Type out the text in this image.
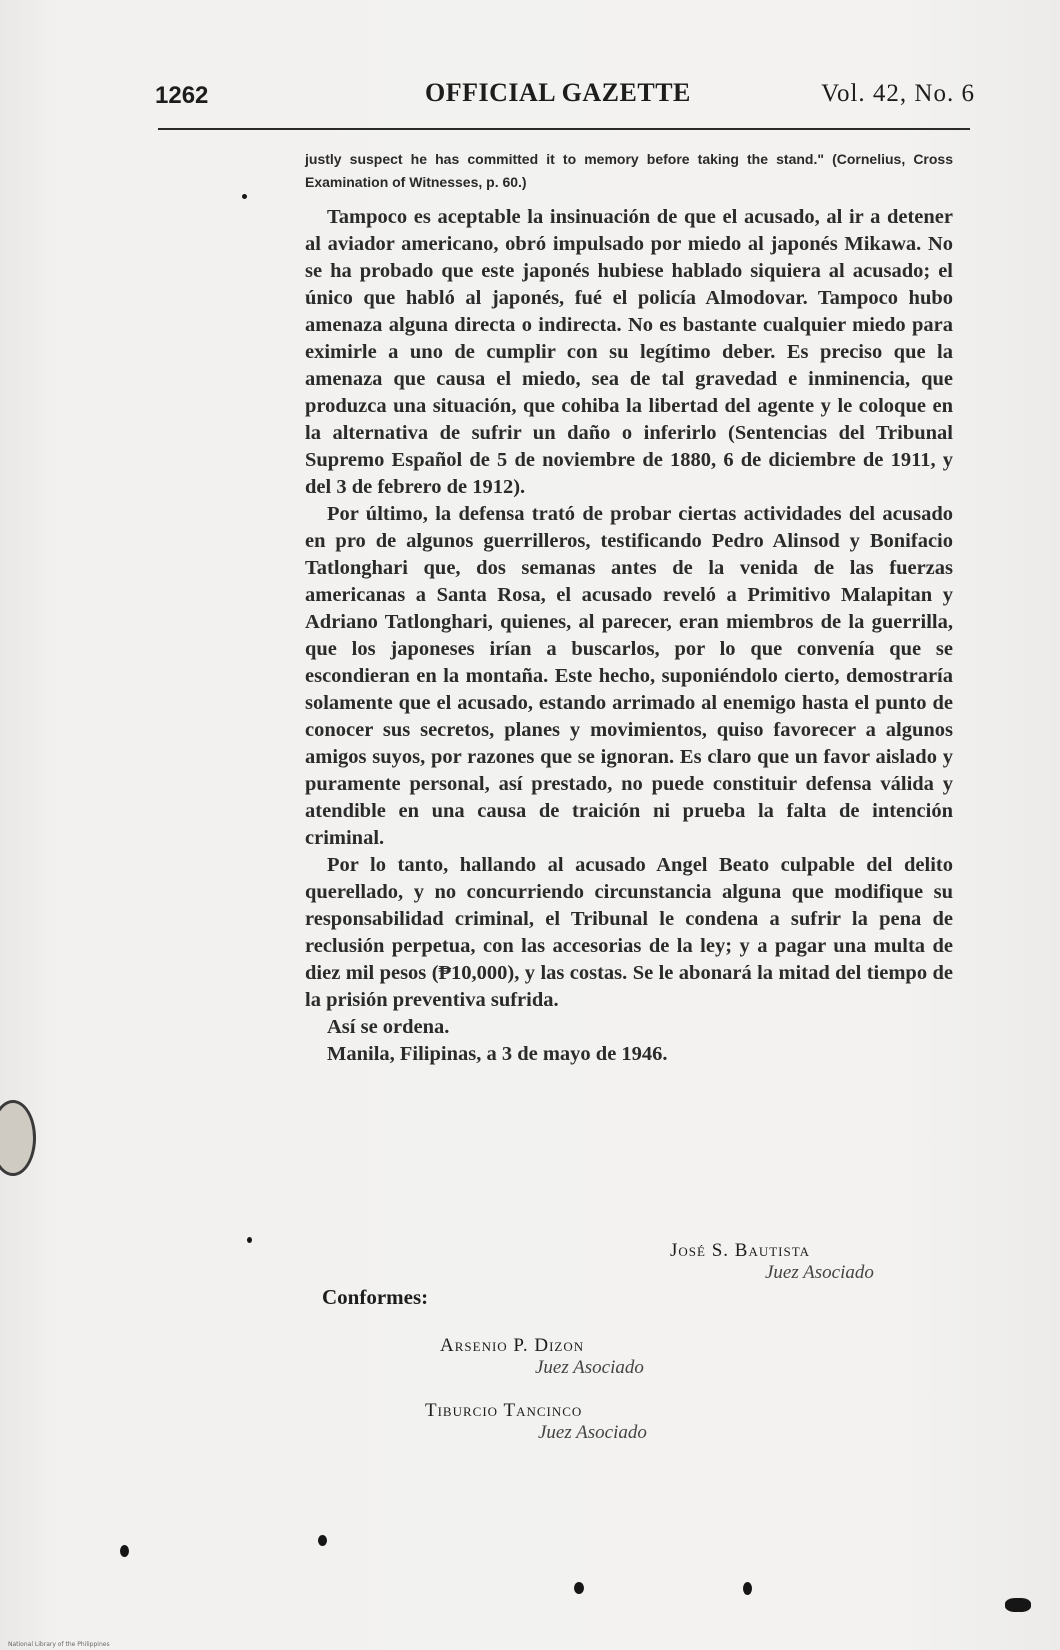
1262	OFFICIAL GAZETTE	Vol. 42, No. 6

justly suspect he has committed it to memory before taking the stand." (Cornelius, Cross Examination of Witnesses, p. 60.)

Tampoco es aceptable la insinuación de que el acusado, al ir a detener al aviador americano, obró impulsado por miedo al japonés Mikawa. No se ha probado que este japonés hubiese hablado siquiera al acusado; el único que habló al japonés, fué el policía Almodovar. Tampoco hubo amenaza alguna directa o indirecta. No es bastante cualquier miedo para eximirle a uno de cumplir con su legítimo deber. Es preciso que la amenaza que causa el miedo, sea de tal gravedad e inminencia, que produzca una situación, que cohiba la libertad del agente y le coloque en la alternativa de sufrir un daño o inferirlo (Sentencias del Tribunal Supremo Español de 5 de noviembre de 1880, 6 de diciembre de 1911, y del 3 de febrero de 1912).

Por último, la defensa trató de probar ciertas actividades del acusado en pro de algunos guerrilleros, testificando Pedro Alinsod y Bonifacio Tatlonghari que, dos semanas antes de la venida de las fuerzas americanas a Santa Rosa, el acusado reveló a Primitivo Malapitan y Adriano Tatlonghari, quienes, al parecer, eran miembros de la guerrilla, que los japoneses irían a buscarlos, por lo que convenía que se escondieran en la montaña. Este hecho, suponiéndolo cierto, demostraría solamente que el acusado, estando arrimado al enemigo hasta el punto de conocer sus secretos, planes y movimientos, quiso favorecer a algunos amigos suyos, por razones que se ignoran. Es claro que un favor aislado y puramente personal, así prestado, no puede constituir defensa válida y atendible en una causa de traición ni prueba la falta de intención criminal.

Por lo tanto, hallando al acusado Angel Beato culpable del delito querellado, y no concurriendo circunstancia alguna que modifique su responsabilidad criminal, el Tribunal le condena a sufrir la pena de reclusión perpetua, con las accesorias de la ley; y a pagar una multa de diez mil pesos (₱10,000), y las costas. Se le abonará la mitad del tiempo de la prisión preventiva sufrida.

Así se ordena.

Manila, Filipinas, a 3 de mayo de 1946.

José S. Bautista
Juez Asociado
Conformes:
Arsenio P. Dizon
Juez Asociado
Tiburcio Tancinco
Juez Asociado
National Library of the Philippines
